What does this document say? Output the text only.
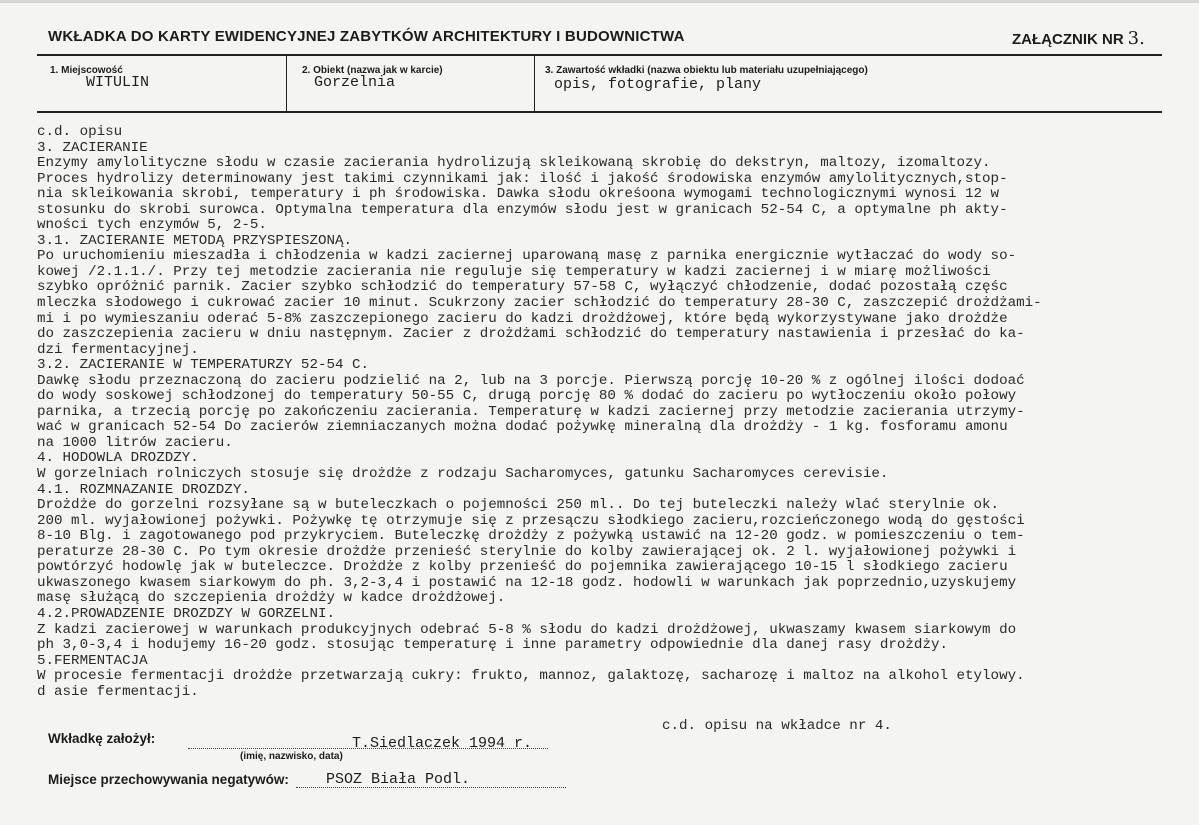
WKŁADKA DO KARTY EWIDENCYJNEJ ZABYTKÓW ARCHITEKTURY I BUDOWNICTWA	ZAŁĄCZNIK NR 3.
1. Miejscowość
WITULIN
2. Obiekt (nazwa jak w karcie)
Gorzelnia
3. Zawartość wkładki (nazwa obiektu lub materiału uzupełniającego)
opis, fotografie, plany
c.d. opisu
3. ZACIERANIE
Enzymy amylolityczne słodu w czasie zacierania hydrolizują skleikowaną skrobię do dekstryn, maltozy, izomaltozy.
Proces hydrolizy determinowany jest takimi czynnikami jak: ilość i jakość środowiska enzymów amylolitycznych,stop-
nia skleikowania skrobi, temperatury i ph środowiska. Dawka słodu okreśoona wymogami technologicznymi wynosi 12 w
stosunku do skrobi surowca. Optymalna temperatura dla enzymów słodu jest w granicach 52-54 C, a optymalne ph akty-
wności tych enzymów 5, 2-5.
3.1. ZACIERANIE METODĄ PRZYSPIESZONĄ.
Po uruchomieniu mieszadła i chłodzenia w kadzi zaciernej uparowaną masę z parnika energicznie wytłaczać do wody so-
kowej /2.1.1./. Przy tej metodzie zacierania nie reguluje się temperatury w kadzi zaciernej i w miarę możliwości
szybko opróżnić parnik. Zacier szybko schłodzić do temperatury 57-58 C, wyłączyć chłodzenie, dodać pozostałą częśc
mleczka słodowego i cukrować zacier 10 minut. Scukrzony zacier schłodzić do temperatury 28-30 C, zaszczepić drożdżami-
mi i po wymieszaniu oderać 5-8% zaszczepionego zacieru do kadzi drożdżowej, które będą wykorzystywane jako drożdże
do zaszczepienia zacieru w dniu następnym. Zacier z drożdżami schłodzić do temperatury nastawienia i przesłać do ka-
dzi fermentacyjnej.
3.2. ZACIERANIE W TEMPERATURZY 52-54 C.
Dawkę słodu przeznaczoną do zacieru podzielić na 2, lub na 3 porcje. Pierwszą porcję 10-20 % z ogólnej ilości dodoać
do wody soskowej schłodzonej do temperatury 50-55 C, drugą porcję 80 % dodać do zacieru po wytłoczeniu około połowy
parnika, a trzecią porcję po zakończeniu zacierania. Temperaturę w kadzi zaciernej przy metodzie zacierania utrzymy-
wać w granicach 52-54 Do zacierów ziemniaczanych można dodać pożywkę mineralną dla drożdży - 1 kg. fosforamu amonu
na 1000 litrów zacieru.
4. HODOWLA DROZDZY.
W gorzelniach rolniczych stosuje się drożdże z rodzaju Sacharomyces, gatunku Sacharomyces cerevisie.
4.1. ROZMNAZANIE DROZDZY.
Drożdże do gorzelni rozsyłane są w buteleczkach o pojemności 250 ml.. Do tej buteleczki należy wlać sterylnie ok.
200 ml. wyjałowionej pożywki. Pożywkę tę otrzymuje się z przesączu słodkiego zacieru,rozcieńczonego wodą do gęstości
8-10 Blg. i zagotowanego pod przykryciem. Buteleczkę drożdży z pożywką ustawić na 12-20 godz. w pomieszczeniu o tem-
peraturze 28-30 C. Po tym okresie drożdże przenieść sterylnie do kolby zawierającej ok. 2 l. wyjałowionej pożywki i
powtórzyć hodowlę jak w buteleczce. Drożdże z kolby przenieść do pojemnika zawierającego 10-15 l słodkiego zacieru
ukwaszonego kwasem siarkowym do ph. 3,2-3,4 i postawić na 12-18 godz. hodowli w warunkach jak poprzednio,uzyskujemy
masę służącą do szczepienia drożdży w kadce drożdżowej.
4.2.PROWADZENIE DROZDZY W GORZELNI.
Z kadzi zacierowej w warunkach produkcyjnych odebrać 5-8 % słodu do kadzi drożdżowej, ukwaszamy kwasem siarkowym do
ph 3,0-3,4 i hodujemy 16-20 godz. stosując temperaturę i inne parametry odpowiednie dla danej rasy drożdży.
5.FERMENTACJA
W procesie fermentacji drożdże przetwarzają cukry: frukto, mannoz, galaktozę, sacharozę i maltoz na alkohol etylowy.
d asie fermentacji.
c.d. opisu na wkładce nr 4.
Wkładkę założył:	T.Siedlaczek 1994 r.
(imię, nazwisko, data)
Miejsce przechowywania negatywów: PSOZ Biała Podl.
